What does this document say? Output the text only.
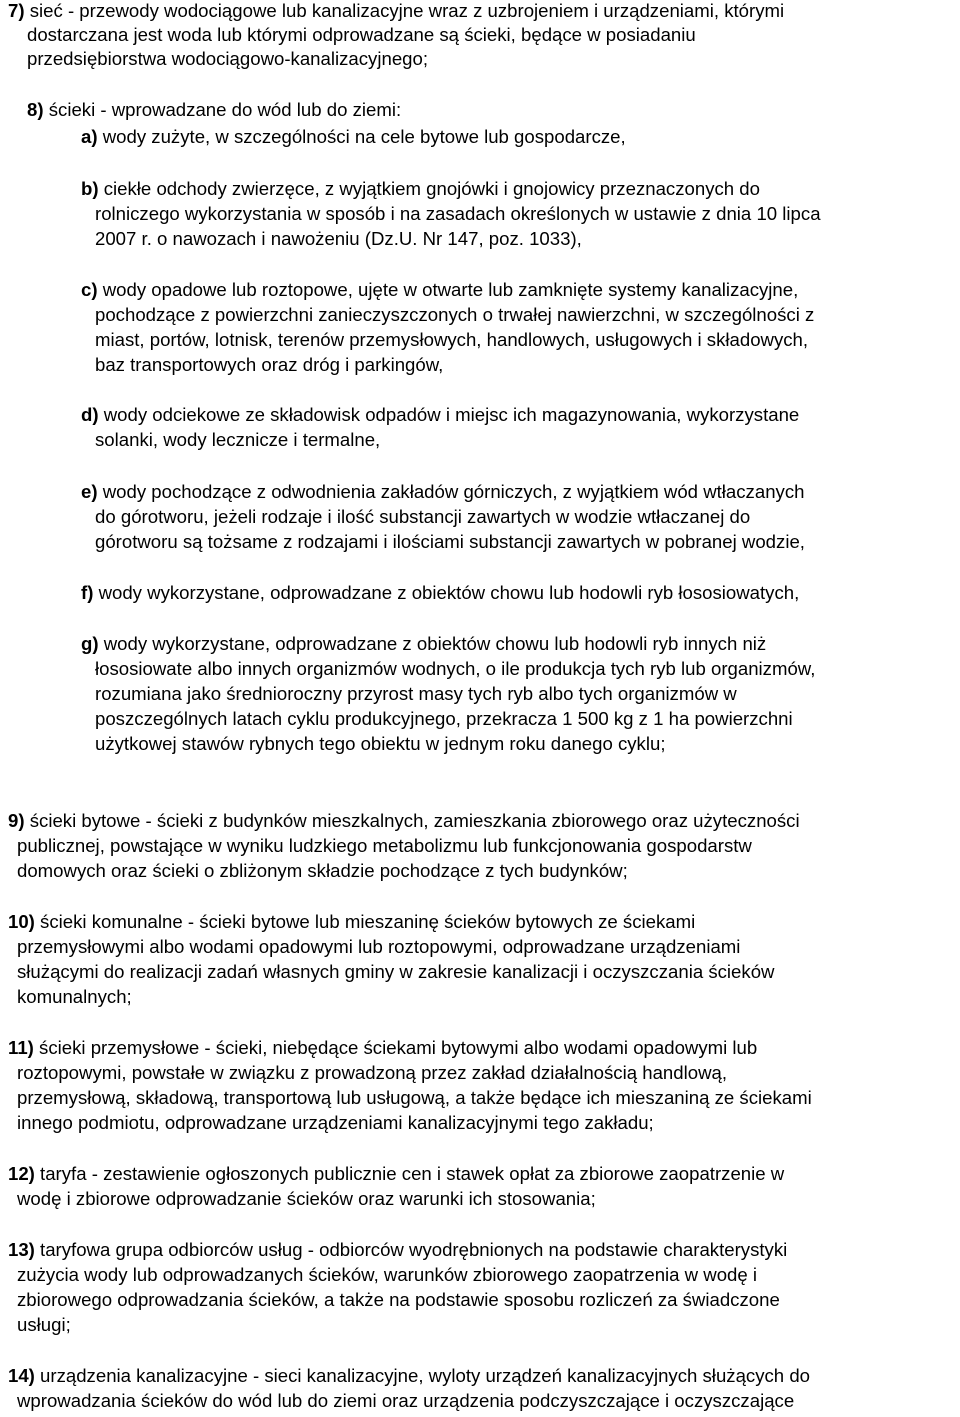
7) sieć - przewody wodociągowe lub kanalizacyjne wraz z uzbrojeniem i urządzeniami, którymi
dostarczana jest woda lub którymi odprowadzane są ścieki, będące w posiadaniu
przedsiębiorstwa wodociągowo-kanalizacyjnego;
8) ścieki - wprowadzane do wód lub do ziemi:
a) wody zużyte, w szczególności na cele bytowe lub gospodarcze,
b) ciekłe odchody zwierzęce, z wyjątkiem gnojówki i gnojowicy przeznaczonych do
rolniczego wykorzystania w sposób i na zasadach określonych w ustawie z dnia 10 lipca
2007 r. o nawozach i nawożeniu (Dz.U. Nr 147, poz. 1033),
c) wody opadowe lub roztopowe, ujęte w otwarte lub zamknięte systemy kanalizacyjne,
pochodzące z powierzchni zanieczyszczonych o trwałej nawierzchni, w szczególności z
miast, portów, lotnisk, terenów przemysłowych, handlowych, usługowych i składowych,
baz transportowych oraz dróg i parkingów,
d) wody odciekowe ze składowisk odpadów i miejsc ich magazynowania, wykorzystane
solanki, wody lecznicze i termalne,
e) wody pochodzące z odwodnienia zakładów górniczych, z wyjątkiem wód wtłaczanych
do górotworu, jeżeli rodzaje i ilość substancji zawartych w wodzie wtłaczanej do
górotworu są tożsame z rodzajami i ilościami substancji zawartych w pobranej wodzie,
f) wody wykorzystane, odprowadzane z obiektów chowu lub hodowli ryb łososiowatych,
g) wody wykorzystane, odprowadzane z obiektów chowu lub hodowli ryb innych niż
łososiowate albo innych organizmów wodnych, o ile produkcja tych ryb lub organizmów,
rozumiana jako średnioroczny przyrost masy tych ryb albo tych organizmów w
poszczególnych latach cyklu produkcyjnego, przekracza 1 500 kg z 1 ha powierzchni
użytkowej stawów rybnych tego obiektu w jednym roku danego cyklu;
9) ścieki bytowe - ścieki z budynków mieszkalnych, zamieszkania zbiorowego oraz użyteczności
publicznej, powstające w wyniku ludzkiego metabolizmu lub funkcjonowania gospodarstw
domowych oraz ścieki o zbliżonym składzie pochodzące z tych budynków;
10) ścieki komunalne - ścieki bytowe lub mieszaninę ścieków bytowych ze ściekami
przemysłowymi albo wodami opadowymi lub roztopowymi, odprowadzane urządzeniami
służącymi do realizacji zadań własnych gminy w zakresie kanalizacji i oczyszczania ścieków
komunalnych;
11) ścieki przemysłowe - ścieki, niebędące ściekami bytowymi albo wodami opadowymi lub
roztopowymi, powstałe w związku z prowadzoną przez zakład działalnością handlową,
przemysłową, składową, transportową lub usługową, a także będące ich mieszaniną ze ściekami
innego podmiotu, odprowadzane urządzeniami kanalizacyjnymi tego zakładu;
12) taryfa - zestawienie ogłoszonych publicznie cen i stawek opłat za zbiorowe zaopatrzenie w
wodę i zbiorowe odprowadzanie ścieków oraz warunki ich stosowania;
13) taryfowa grupa odbiorców usług - odbiorców wyodrębnionych na podstawie charakterystyki
zużycia wody lub odprowadzanych ścieków, warunków zbiorowego zaopatrzenia w wodę i
zbiorowego odprowadzania ścieków, a także na podstawie sposobu rozliczeń za świadczone
usługi;
14) urządzenia kanalizacyjne - sieci kanalizacyjne, wyloty urządzeń kanalizacyjnych służących do
wprowadzania ścieków do wód lub do ziemi oraz urządzenia podczyszczające i oczyszczające
